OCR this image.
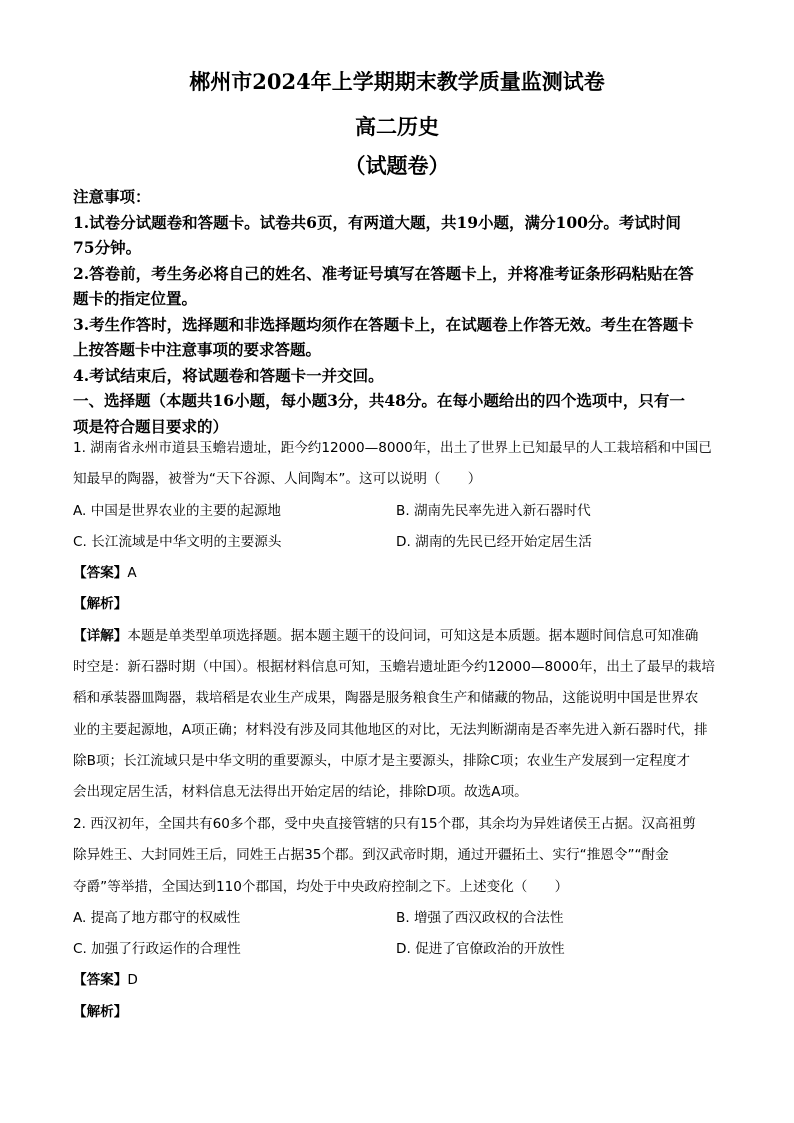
郴州市2024年上学期期末教学质量监测试卷
高二历史
（试题卷）
注意事项：
1.试卷分试题卷和答题卡。试卷共6页，有两道大题，共19小题，满分100分。考试时间
75分钟。
2.答卷前，考生务必将自己的姓名、准考证号填写在答题卡上，并将准考证条形码粘贴在答
题卡的指定位置。
3.考生作答时，选择题和非选择题均须作在答题卡上，在试题卷上作答无效。考生在答题卡
上按答题卡中注意事项的要求答题。
4.考试结束后，将试题卷和答题卡一并交回。
一、选择题（本题共16小题，每小题3分，共48分。在每小题给出的四个选项中，只有一
项是符合题目要求的）
1. 湖南省永州市道县玉蟾岩遗址，距今约12000—8000年，出土了世界上已知最早的人工栽培稻和中国已
知最早的陶器，被誉为“天下谷源、人间陶本”。这可以说明（　　）
A. 中国是世界农业的主要的起源地	B. 湖南先民率先进入新石器时代
C. 长江流域是中华文明的主要源头	D. 湖南的先民已经开始定居生活
【答案】A
【解析】
【详解】本题是单类型单项选择题。据本题主题干的设问词，可知这是本质题。据本题时间信息可知准确
时空是：新石器时期（中国）。根据材料信息可知，玉蟾岩遗址距今约12000—8000年，出土了最早的栽培
稻和承装器皿陶器，栽培稻是农业生产成果，陶器是服务粮食生产和储藏的物品，这能说明中国是世界农
业的主要起源地，A项正确；材料没有涉及同其他地区的对比，无法判断湖南是否率先进入新石器时代，排
除B项；长江流域只是中华文明的重要源头，中原才是主要源头，排除C项；农业生产发展到一定程度才
会出现定居生活，材料信息无法得出开始定居的结论，排除D项。故选A项。
2. 西汉初年，全国共有60多个郡，受中央直接管辖的只有15个郡，其余均为异姓诸侯王占据。汉高祖剪
除异姓王、大封同姓王后，同姓王占据35个郡。到汉武帝时期，通过开疆拓土、实行“推恩令”“酎金
夺爵”等举措，全国达到110个郡国，均处于中央政府控制之下。上述变化（　　）
A. 提高了地方郡守的权威性	B. 增强了西汉政权的合法性
C. 加强了行政运作的合理性	D. 促进了官僚政治的开放性
【答案】D
【解析】
